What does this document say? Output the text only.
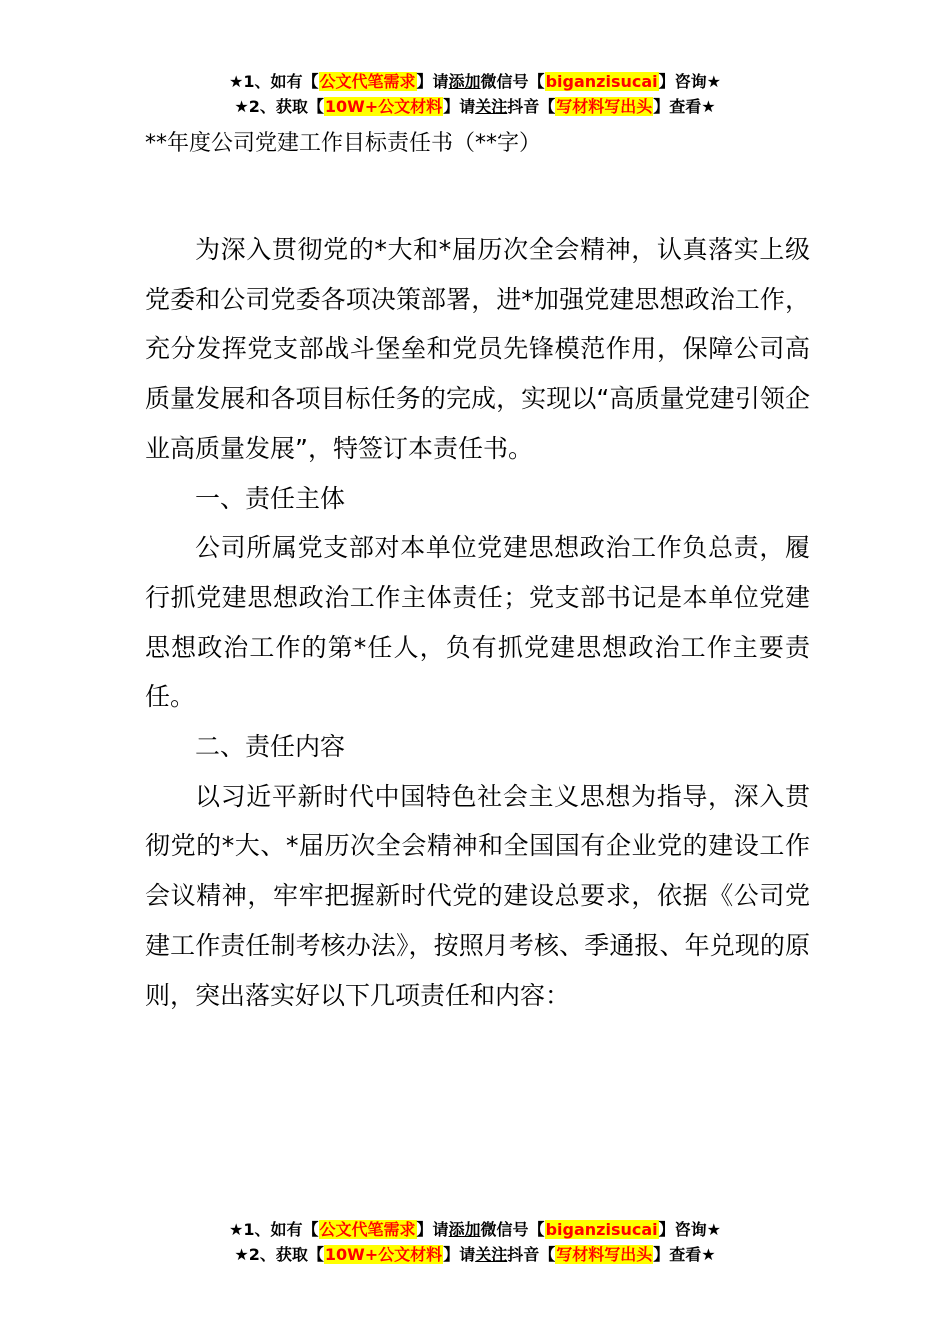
★1、如有【公文代笔需求】请添加微信号【biganzisucai】咨询★
★2、获取【10W+公文材料】请关注抖音【写材料写出头】查看★
**年度公司党建工作目标责任书（**字）

为深入贯彻党的*大和*届历次全会精神，认真落实上级党委和公司党委各项决策部署，进*加强党建思想政治工作，充分发挥党支部战斗堡垒和党员先锋模范作用，保障公司高质量发展和各项目标任务的完成，实现以“高质量党建引领企业高质量发展”，特签订本责任书。

一、责任主体

公司所属党支部对本单位党建思想政治工作负总责，履行抓党建思想政治工作主体责任；党支部书记是本单位党建思想政治工作的第*任人，负有抓党建思想政治工作主要责任。

二、责任内容

以习近平新时代中国特色社会主义思想为指导，深入贯彻党的*大、*届历次全会精神和全国国有企业党的建设工作会议精神，牢牢把握新时代党的建设总要求，依据《公司党建工作责任制考核办法》，按照月考核、季通报、年兑现的原则，突出落实好以下几项责任和内容：

★1、如有【公文代笔需求】请添加微信号【biganzisucai】咨询★
★2、获取【10W+公文材料】请关注抖音【写材料写出头】查看★
